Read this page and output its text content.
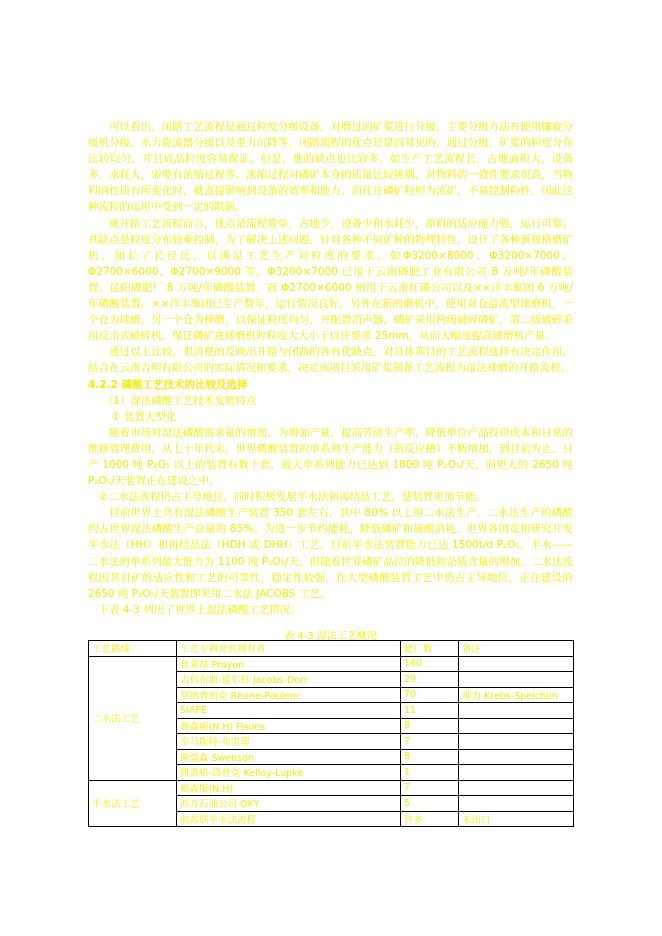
可以看出，闭路工艺流程是通过粒度分级设备，对磨过的矿浆进行分级，主要分级方法有使用螺旋分级机分级、水力旋流器分级以及重力沉降等。闭路流程的优点是显而易见的，通过分级，矿浆的粒度分布比较均匀，并且成品粒度容易保证。但是，他的缺点也比较多，如生产工艺流程长，占地面积大，设备多，水耗大，需要有浓缩过程等。浓缩过程对磷矿本身的质量比较挑剔，对物料的一致性要求很高，当物料的性质有所变化时，就直接影响到设备的效率和能力，而往往磷矿粉则为浓矿，不易控制粉性，因此这种流程的运用中受到一定的限制。

就开路工艺流程而言，优点是流程简单，占地少，设备少和水耗少，原料的适应能力强，运行可靠。其缺点是粒度分布较难控制，为了解决上述问题，针对各种不同矿种的物理特性，设计了各种新规格磨矿机，加长了长径比，以满足工艺生产对粒度的要求。如Φ3200×8000、Φ3200×7000、Φ2700×6000、Φ2700×9000 等。Φ3200×7000 已用于云南磷肥工业有限公司 8 万吨/年磷酸装置、昆阳磷肥厂 8 万吨/年磷酸装置，而 Φ2700×6000 则用于云南红磷公司以及××洋丰集团 6 万吨/年磷酸装置。××洋丰集团已生产数年，运行情况良好，另外在新的磨机中，使用双仓溢流型球磨机，一个仓为球磨，另一个仓为棒磨，以保证粒度均匀，并配置消声器，磷矿采用两级破碎磷矿，第二级破碎采用反击式破碎机，保证磷矿进球磨机时粒度大大小于以往要求 25mm，从而大幅度提高球磨机产量。

通过以上比较，很清楚的反映出开路与闭路的各有优缺点，对具体项目的工艺流程选择有决定作用，结合在云南吉明有限公司的实际情况和要求，决定该项目采用矿浆制备工艺流程为湿法球磨的开路流程。

4.2.2 磷酸工艺技术的比较及选择

（1）湿法磷酸工艺技术发展特点

① 装置大型化

随着市场对湿法磷酸需求量的增加，为增加产量，提高劳动生产率，降低单位产品投资成本和日常的维修管理费用，从七十年代末，世界磷酸装置的单系列生产能力（指反应槽）不断增加，到目前为止，日产 1000 吨 P₂O₅ 以上的装置有数十套，最大单系列能力已达到 1800 吨 P₂O₅/天，而更大的 2650 吨 P₂O₅/天装置正在建设之中。

　②二水法流程仍占主导地位，同时积极发展半水法和再结晶工艺，使装置更加节能。

目前世界上共有湿法磷酸生产装置 350 套左右，其中 80% 以上用二水法生产，二水法生产的磷酸约占世界湿法磷酸生产总量的 85%。为进一步节约能耗，降低磷矿和硫酸消耗，世界各国竞相研究开发半水法（HH）和再结晶法（HDH 或 DHH）工艺。目前半水法装置能力已达 1500t/d P₂O₅。半水——二水法的单系列最大能力为 1100 吨 P₂O₅/天。但随着世界磷矿品位的降低和杂质含量的增加，二水法流程因其对矿的适应性和工艺的可靠性，稳定性较强，在大型磷酸装置工艺中仍占主导地位，正在建设的 2650 吨 P₂O₅/天装置即采用二水法 JACOBS 工艺。

　下表 4-3 列出了世界上湿法磷酸工艺情况：

表 4-3 湿法工艺概况
工艺路线	工艺专利及其拥有者	建厂数	备注
二水法工艺	普莱昂 Prayon	140	
	吉科布斯-道尔科 Jacobs-Dorr	29	
	罗纳普朗克 Rhone-Poulenc	70	现为 Krebs-Speichim
	SIAPE	11	
	费森斯(N.H) Fisons	8	
	辛马斯特-布雷耶	7	
	斯温森 Swenson	8	
	凯洛格-洛普克 Kelloy-Lupke	1	
半水法工艺	费森斯(N.H)	7	
	西方石油公司 OXY	5	
	前苏联半水法流程	许多	未出口
